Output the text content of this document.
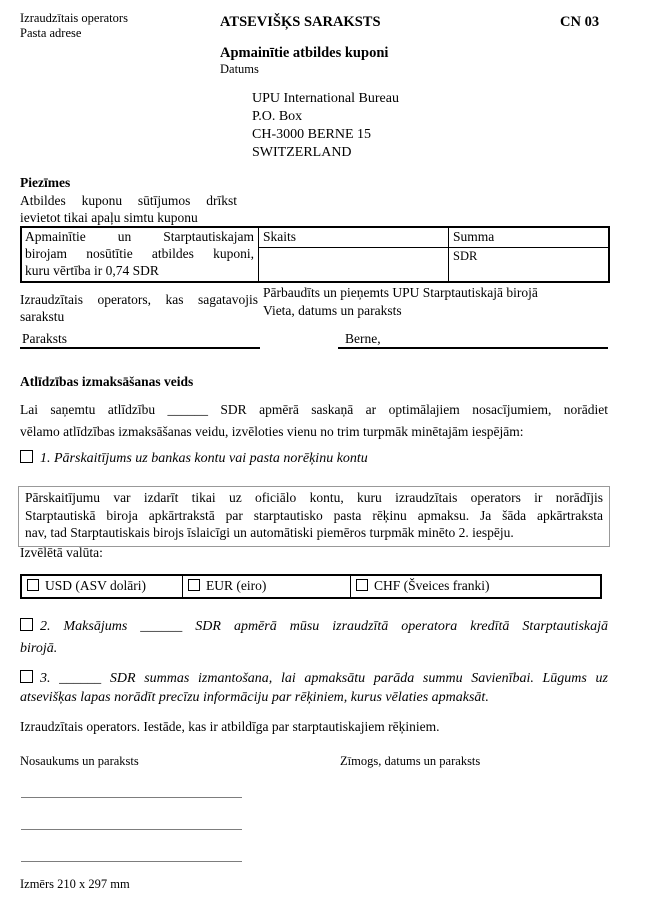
Izraudzītais operators
Pasta adrese
ATSEVIŠĶS SARAKSTS	CN 03
Apmainītie atbildes kuponi
Datums
UPU International Bureau
P.O. Box
CH-3000 BERNE 15
SWITZERLAND
Piezīmes
Atbildes kuponu sūtījumos drīkst
ievietot tikai apaļu simtu kuponu
Apmainītie un Starptautiskajam
birojam nosūtītie atbildes kuponi,
kuru vērtība ir 0,74 SDR
Skaits	Summa
SDR
Izraudzītais operators, kas sagatavojis
sarakstu
Pārbaudīts un pieņemts UPU Starptautiskajā birojā
Vieta, datums un paraksts
Paraksts	Berne,
Atlīdzības izmaksāšanas veids
Lai saņemtu atlīdzību ______ SDR apmērā saskaņā ar optimālajiem nosacījumiem, norādiet
vēlamo atlīdzības izmaksāšanas veidu, izvēloties vienu no trim turpmāk minētajām iespējām:
1. Pārskaitījums uz bankas kontu vai pasta norēķinu kontu
Pārskaitījumu var izdarīt tikai uz oficiālo kontu, kuru izraudzītais operators ir norādījis
Starptautiskā biroja apkārtrakstā par starptautisko pasta rēķinu apmaksu. Ja šāda apkārtraksta
nav, tad Starptautiskais birojs īslaicīgi un automātiski piemēros turpmāk minēto 2. iespēju.
Izvēlētā valūta:
USD (ASV dolāri)	EUR (eiro)	CHF (Šveices franki)
2. Maksājums ______ SDR apmērā mūsu izraudzītā operatora kredītā Starptautiskajā
birojā.
3. ______ SDR summas izmantošana, lai apmaksātu parāda summu Savienībai. Lūgums uz
atsevišķas lapas norādīt precīzu informāciju par rēķiniem, kurus vēlaties apmaksāt.
Izraudzītais operators. Iestāde, kas ir atbildīga par starptautiskajiem rēķiniem.
Nosaukums un paraksts	Zīmogs, datums un paraksts
Izmērs 210 x 297 mm
